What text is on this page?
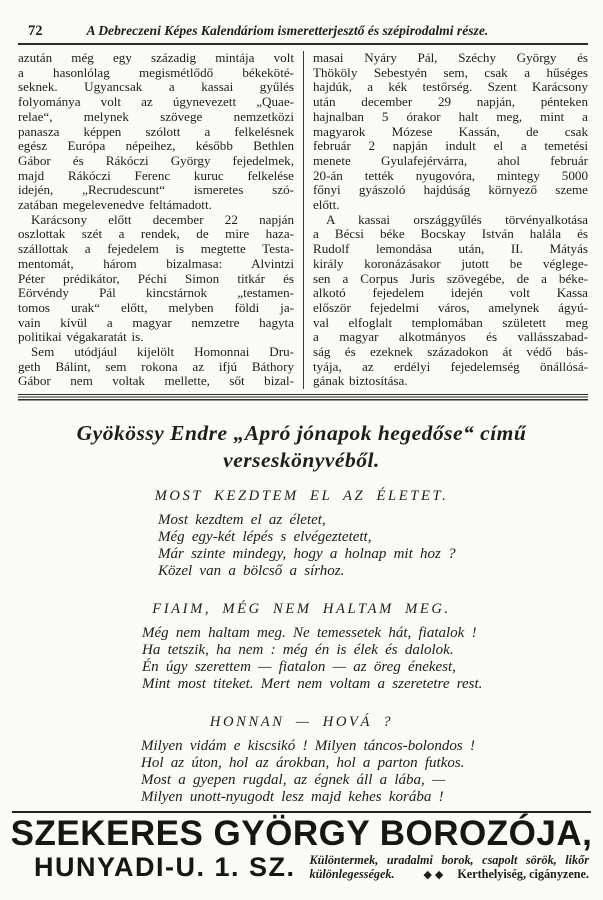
72	A Debreczeni Képes Kalendáriom ismeretterjesztő és szépirodalmi része.
azután még egy századig mintája volt
a hasonlólag megismétlődő békeköté-
seknek. Ugyancsak a kassai gyűlés
folyománya volt az úgynevezett „Quae-
relae“, melynek szövege nemzetközi
panasza képpen szólott a felkelésnek
egész Európa népeihez, később Bethlen
Gábor és Rákóczi György fejedelmek,
majd Rákóczi Ferenc kuruc felkelése
idején, „Recrudescunt“ ismeretes szó-
zatában megelevenedve feltámadott.
Karácsony előtt december 22 napján
oszlottak szét a rendek, de mire haza-
szállottak a fejedelem is megtette Testa-
mentomát, három bizalmasa: Alvintzi
Péter prédikátor, Péchi Simon titkár és
Eörvéndy Pál kincstárnok „testamen-
tomos urak“ előtt, melyben földi ja-
vain kívül a magyar nemzetre hagyta
politikai végakaratát is.
Sem utódjául kijelölt Homonnai Dru-
geth Bálint, sem rokona az ifjú Báthory
Gábor nem voltak mellette, sőt bizal-
masai Nyáry Pál, Széchy György és
Thököly Sebestyén sem, csak a hűséges
hajdúk, a kék testőrség. Szent Karácsony
után december 29 napján, pénteken
hajnalban 5 órakor halt meg, mint a
magyarok Mózese Kassán, de csak
február 2 napján indult el a temetési
menete Gyulafejérvárra, ahol február
20-án tették nyugovóra, mintegy 5000
főnyi gyászoló hajdúság környező szeme
előtt.
A kassai országgyűlés törvényalkotása
a Bécsi béke Bocskay István halála és
Rudolf lemondása után, II. Mátyás
király koronázásakor jutott be véglege-
sen a Corpus Juris szövegébe, de a béke-
alkotó fejedelem idején volt Kassa
először fejedelmi város, amelynek ágyú-
val elfoglalt templomában született meg
a magyar alkotmányos és vallásszabad-
ság és ezeknek századokon át védő bás-
tyája, az erdélyi fejedelemség önállósá-
gának biztosítása.
Gyökössy Endre „Apró jónapok hegedőse“ című
verseskönyvéből.
MOST KEZDTEM EL AZ ÉLETET.
Most kezdtem el az életet,
Még egy-két lépés s elvégeztetett,
Már szinte mindegy, hogy a holnap mit hoz ?
Közel van a bölcső a sírhoz.
FIAIM, MÉG NEM HALTAM MEG.
Még nem haltam meg. Ne temessetek hát, fiatalok !
Ha tetszik, ha nem : még én is élek és dalolok.
Én úgy szerettem — fiatalon — az öreg énekest,
Mint most titeket. Mert nem voltam a szeretetre rest.
HONNAN — HOVÁ ?
Milyen vidám e kiscsikó ! Milyen táncos-bolondos !
Hol az úton, hol az árokban, hol a parton futkos.
Most a gyepen rugdal, az égnek áll a lába, —
Milyen unott-nyugodt lesz majd kehes korába !
SZEKERES GYÖRGY BOROZÓJA,
HUNYADI-U. 1. SZ. Különtermek, uradalmi borok, csapolt sörök, likőr
különlegességek.	◆◆ Kerthelyiség, cigányzene.
